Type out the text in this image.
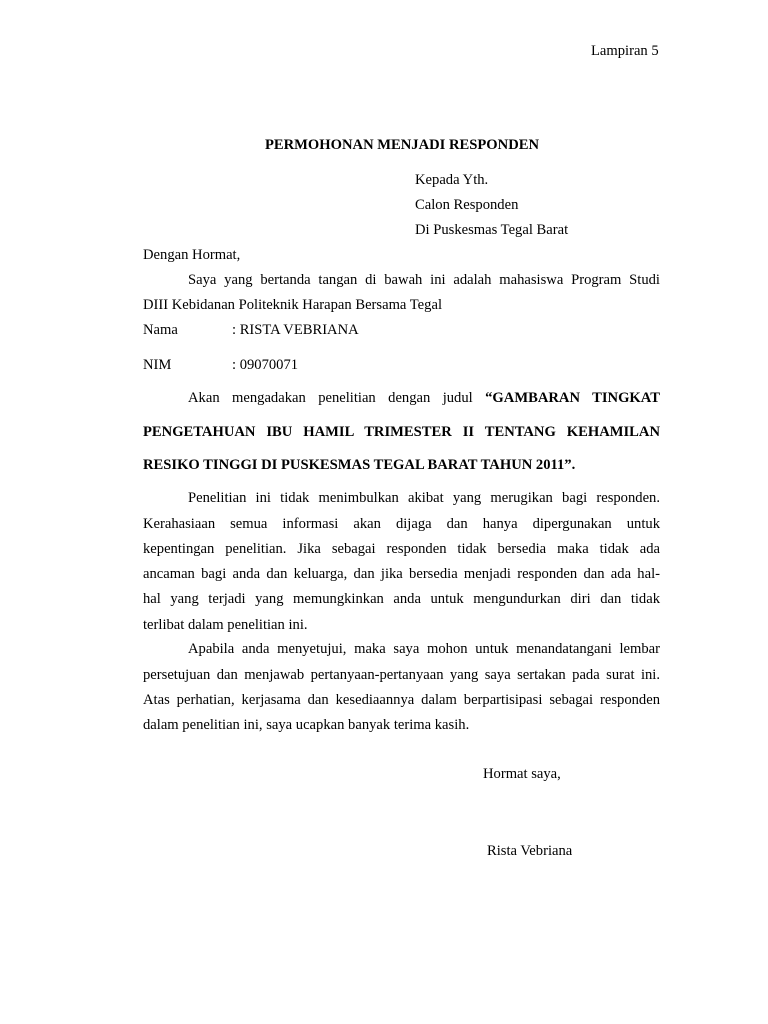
Lampiran 5
PERMOHONAN MENJADI RESPONDEN
Kepada Yth.
Calon Responden
Di Puskesmas Tegal Barat
Dengan Hormat,
Saya yang bertanda tangan di bawah ini adalah mahasiswa Program Studi
DIII Kebidanan Politeknik Harapan Bersama Tegal
Nama	: RISTA VEBRIANA
NIM	: 09070071
Akan mengadakan penelitian dengan judul “GAMBARAN TINGKAT
PENGETAHUAN IBU HAMIL TRIMESTER II TENTANG KEHAMILAN
RESIKO TINGGI DI PUSKESMAS TEGAL BARAT TAHUN 2011”.
Penelitian ini tidak menimbulkan akibat yang merugikan bagi responden.
Kerahasiaan semua informasi akan dijaga dan hanya dipergunakan untuk
kepentingan penelitian. Jika sebagai responden tidak bersedia maka tidak ada
ancaman bagi anda dan keluarga, dan jika bersedia menjadi responden dan ada hal-
hal yang terjadi yang memungkinkan anda untuk mengundurkan diri dan tidak
terlibat dalam penelitian ini.
Apabila anda menyetujui, maka saya mohon untuk menandatangani lembar
persetujuan dan menjawab pertanyaan-pertanyaan yang saya sertakan pada surat ini.
Atas perhatian, kerjasama dan kesediaannya dalam berpartisipasi sebagai responden
dalam penelitian ini, saya ucapkan banyak terima kasih.
Hormat saya,
Rista Vebriana
